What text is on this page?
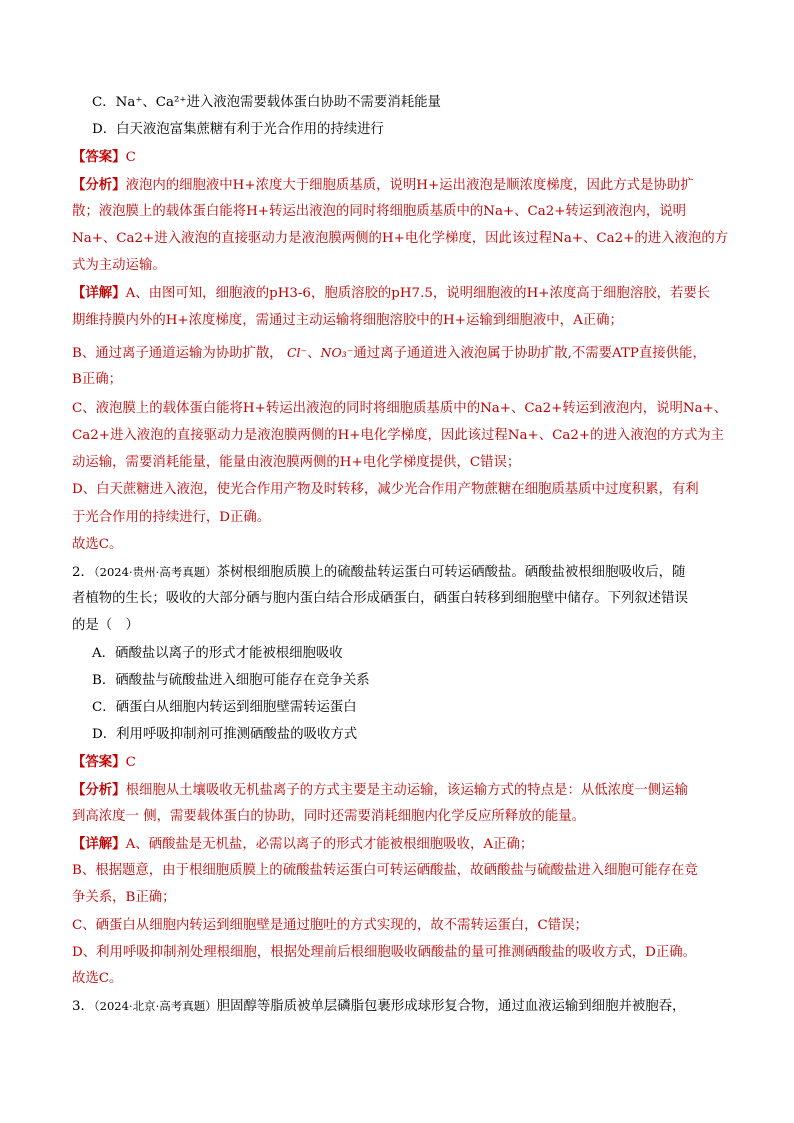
C．Na⁺、Ca²⁺进入液泡需要载体蛋白协助不需要消耗能量
D．白天液泡富集蔗糖有利于光合作用的持续进行
【答案】C
【分析】液泡内的细胞液中H+浓度大于细胞质基质，说明H+运出液泡是顺浓度梯度，因此方式是协助扩
散；液泡膜上的载体蛋白能将H+转运出液泡的同时将细胞质基质中的Na+、Ca2+转运到液泡内，说明
Na+、Ca2+进入液泡的直接驱动力是液泡膜两侧的H+电化学梯度，因此该过程Na+、Ca2+的进入液泡的方
式为主动运输。
【详解】A、由图可知，细胞液的pH3-6，胞质溶胶的pH7.5，说明细胞液的H+浓度高于细胞溶胶，若要长
期维持膜内外的H+浓度梯度，需通过主动运输将细胞溶胶中的H+运输到细胞液中，A正确；
B、通过离子通道运输为协助扩散， Cl⁻、NO₃⁻通过离子通道进入液泡属于协助扩散,不需要ATP直接供能，
B正确；
C、液泡膜上的载体蛋白能将H+转运出液泡的同时将细胞质基质中的Na+、Ca2+转运到液泡内，说明Na+、
Ca2+进入液泡的直接驱动力是液泡膜两侧的H+电化学梯度，因此该过程Na+、Ca2+的进入液泡的方式为主
动运输，需要消耗能量，能量由液泡膜两侧的H+电化学梯度提供，C错误；
D、白天蔗糖进入液泡，使光合作用产物及时转移，减少光合作用产物蔗糖在细胞质基质中过度积累，有利
于光合作用的持续进行，D正确。
故选C。
2．（2024·贵州·高考真题）茶树根细胞质膜上的硫酸盐转运蛋白可转运硒酸盐。硒酸盐被根细胞吸收后，随
者植物的生长；吸收的大部分硒与胞内蛋白结合形成硒蛋白，硒蛋白转移到细胞壁中储存。下列叙述错误
的是（　）
A．硒酸盐以离子的形式才能被根细胞吸收
B．硒酸盐与硫酸盐进入细胞可能存在竞争关系
C．硒蛋白从细胞内转运到细胞壁需转运蛋白
D．利用呼吸抑制剂可推测硒酸盐的吸收方式
【答案】C
【分析】根细胞从土壤吸收无机盐离子的方式主要是主动运输，该运输方式的特点是：从低浓度一侧运输
到高浓度一 侧，需要载体蛋白的协助，同时还需要消耗细胞内化学反应所释放的能量。
【详解】A、硒酸盐是无机盐，必需以离子的形式才能被根细胞吸收，A正确；
B、根据题意，由于根细胞质膜上的硫酸盐转运蛋白可转运硒酸盐，故硒酸盐与硫酸盐进入细胞可能存在竞
争关系，B正确；
C、硒蛋白从细胞内转运到细胞壁是通过胞吐的方式实现的，故不需转运蛋白，C错误；
D、利用呼吸抑制剂处理根细胞，根据处理前后根细胞吸收硒酸盐的量可推测硒酸盐的吸收方式，D正确。
故选C。
3．（2024·北京·高考真题）胆固醇等脂质被单层磷脂包裹形成球形复合物，通过血液运输到细胞并被胞吞，
